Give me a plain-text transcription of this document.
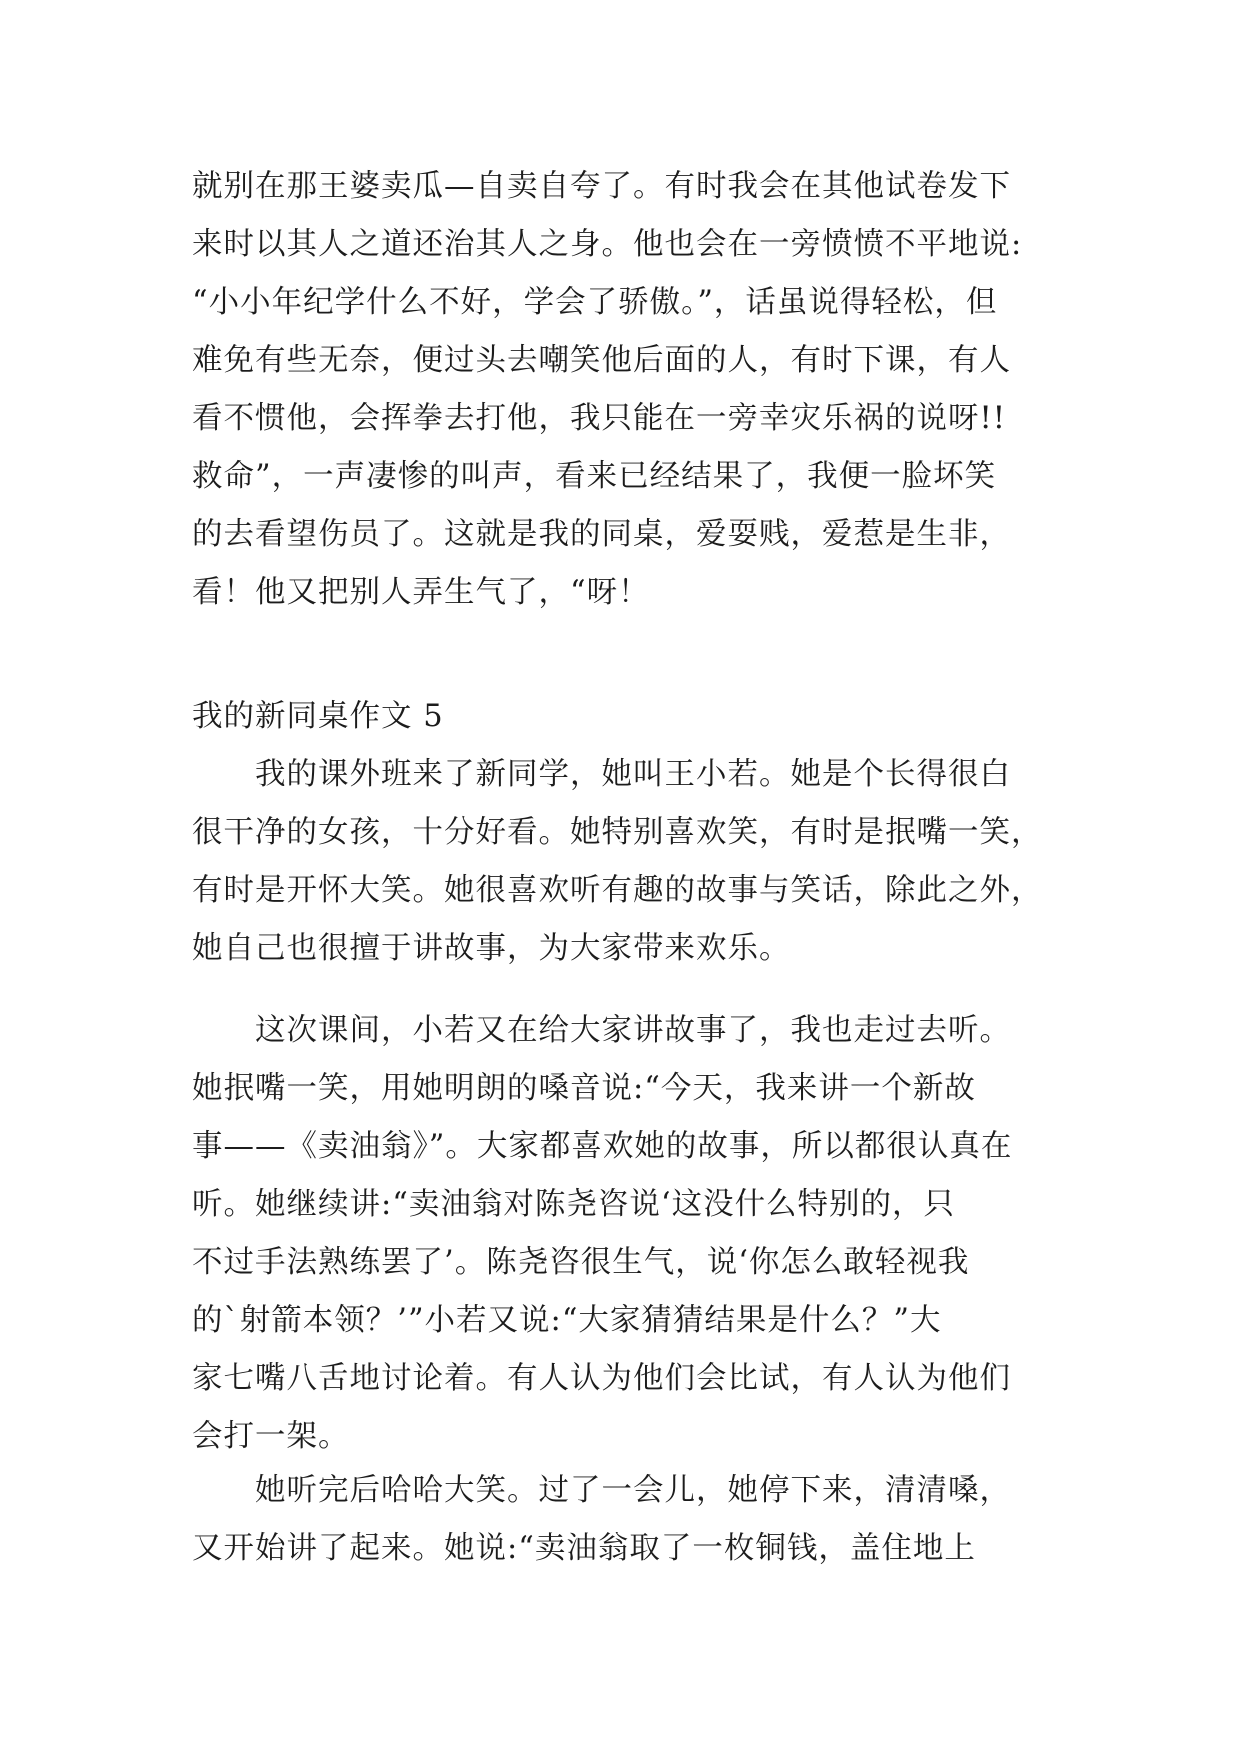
就别在那王婆卖瓜—自卖自夸了。有时我会在其他试卷发下
来时以其人之道还治其人之身。他也会在一旁愤愤不平地说:
“小小年纪学什么不好，学会了骄傲。”，话虽说得轻松，但
难免有些无奈，便过头去嘲笑他后面的人，有时下课，有人
看不惯他，会挥拳去打他，我只能在一旁幸灾乐祸的说呀!!
救命”，一声凄惨的叫声，看来已经结果了，我便一脸坏笑
的去看望伤员了。这就是我的同桌，爱耍贱，爱惹是生非，
看！他又把别人弄生气了，“呀！
我的新同桌作文 5
　　我的课外班来了新同学，她叫王小若。她是个长得很白
很干净的女孩，十分好看。她特别喜欢笑，有时是抿嘴一笑，
有时是开怀大笑。她很喜欢听有趣的故事与笑话，除此之外，
她自己也很擅于讲故事，为大家带来欢乐。
　　这次课间，小若又在给大家讲故事了，我也走过去听。
她抿嘴一笑，用她明朗的嗓音说:“今天，我来讲一个新故
事——《卖油翁》”。大家都喜欢她的故事，所以都很认真在
听。她继续讲:“卖油翁对陈尧咨说‘这没什么特别的，只
不过手法熟练罢了’。陈尧咨很生气，说‘你怎么敢轻视我
的`射箭本领？’”小若又说:“大家猜猜结果是什么？”大
家七嘴八舌地讨论着。有人认为他们会比试，有人认为他们
会打一架。
　　她听完后哈哈大笑。过了一会儿，她停下来，清清嗓，
又开始讲了起来。她说:“卖油翁取了一枚铜钱，盖住地上
